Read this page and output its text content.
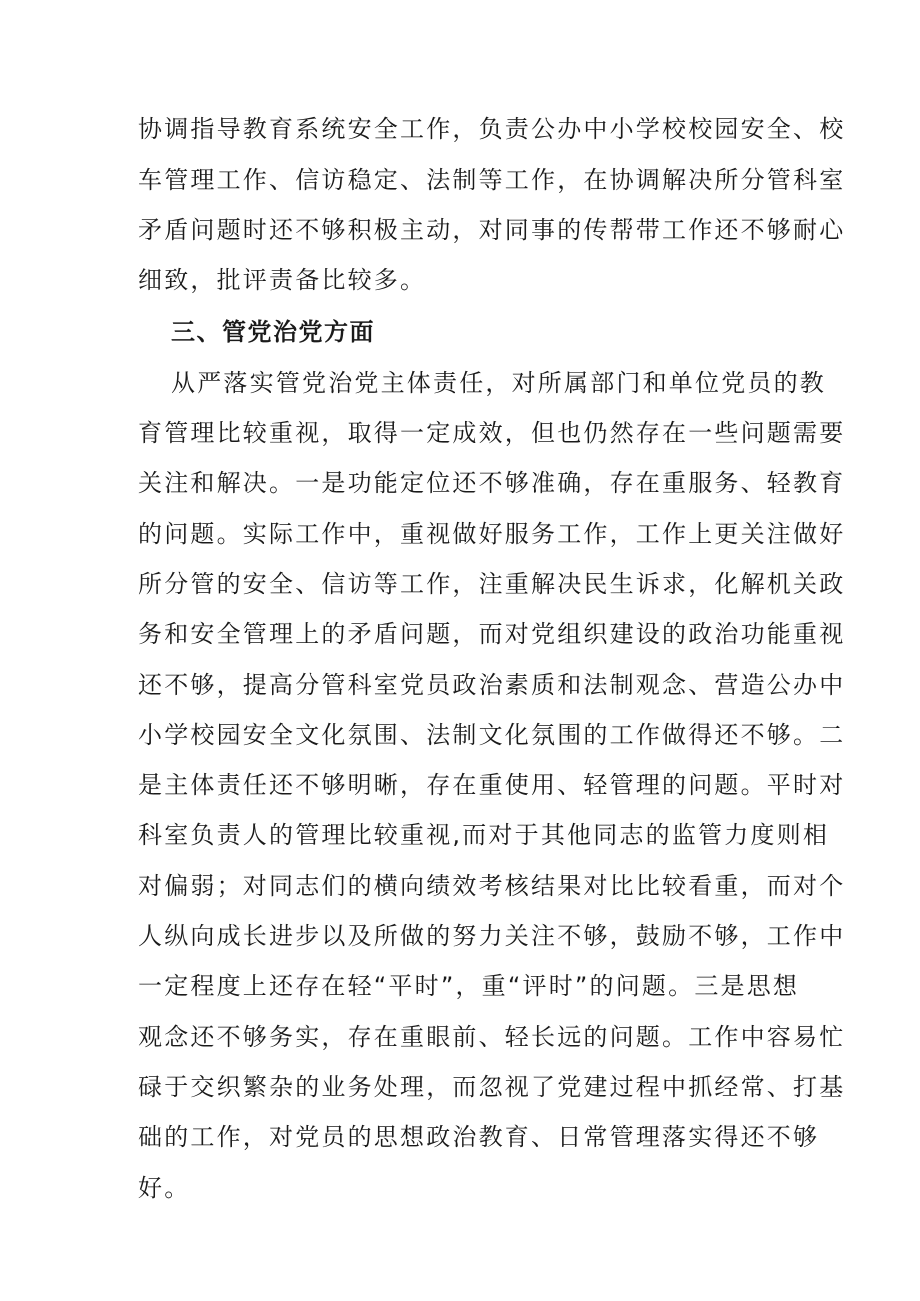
协调指导教育系统安全工作，负责公办中小学校校园安全、校
车管理工作、信访稳定、法制等工作，在协调解决所分管科室
矛盾问题时还不够积极主动，对同事的传帮带工作还不够耐心
细致，批评责备比较多。
三、管党治党方面
从严落实管党治党主体责任，对所属部门和单位党员的教
育管理比较重视，取得一定成效，但也仍然存在一些问题需要
关注和解决。一是功能定位还不够准确，存在重服务、轻教育
的问题。实际工作中，重视做好服务工作，工作上更关注做好
所分管的安全、信访等工作，注重解决民生诉求，化解机关政
务和安全管理上的矛盾问题，而对党组织建设的政治功能重视
还不够，提高分管科室党员政治素质和法制观念、营造公办中
小学校园安全文化氛围、法制文化氛围的工作做得还不够。二
是主体责任还不够明晰，存在重使用、轻管理的问题。平时对
科室负责人的管理比较重视,而对于其他同志的监管力度则相
对偏弱；对同志们的横向绩效考核结果对比比较看重，而对个
人纵向成长进步以及所做的努力关注不够，鼓励不够，工作中
一定程度上还存在轻“平时”，重“评时”的问题。三是思想
观念还不够务实，存在重眼前、轻长远的问题。工作中容易忙
碌于交织繁杂的业务处理，而忽视了党建过程中抓经常、打基
础的工作，对党员的思想政治教育、日常管理落实得还不够
好。
